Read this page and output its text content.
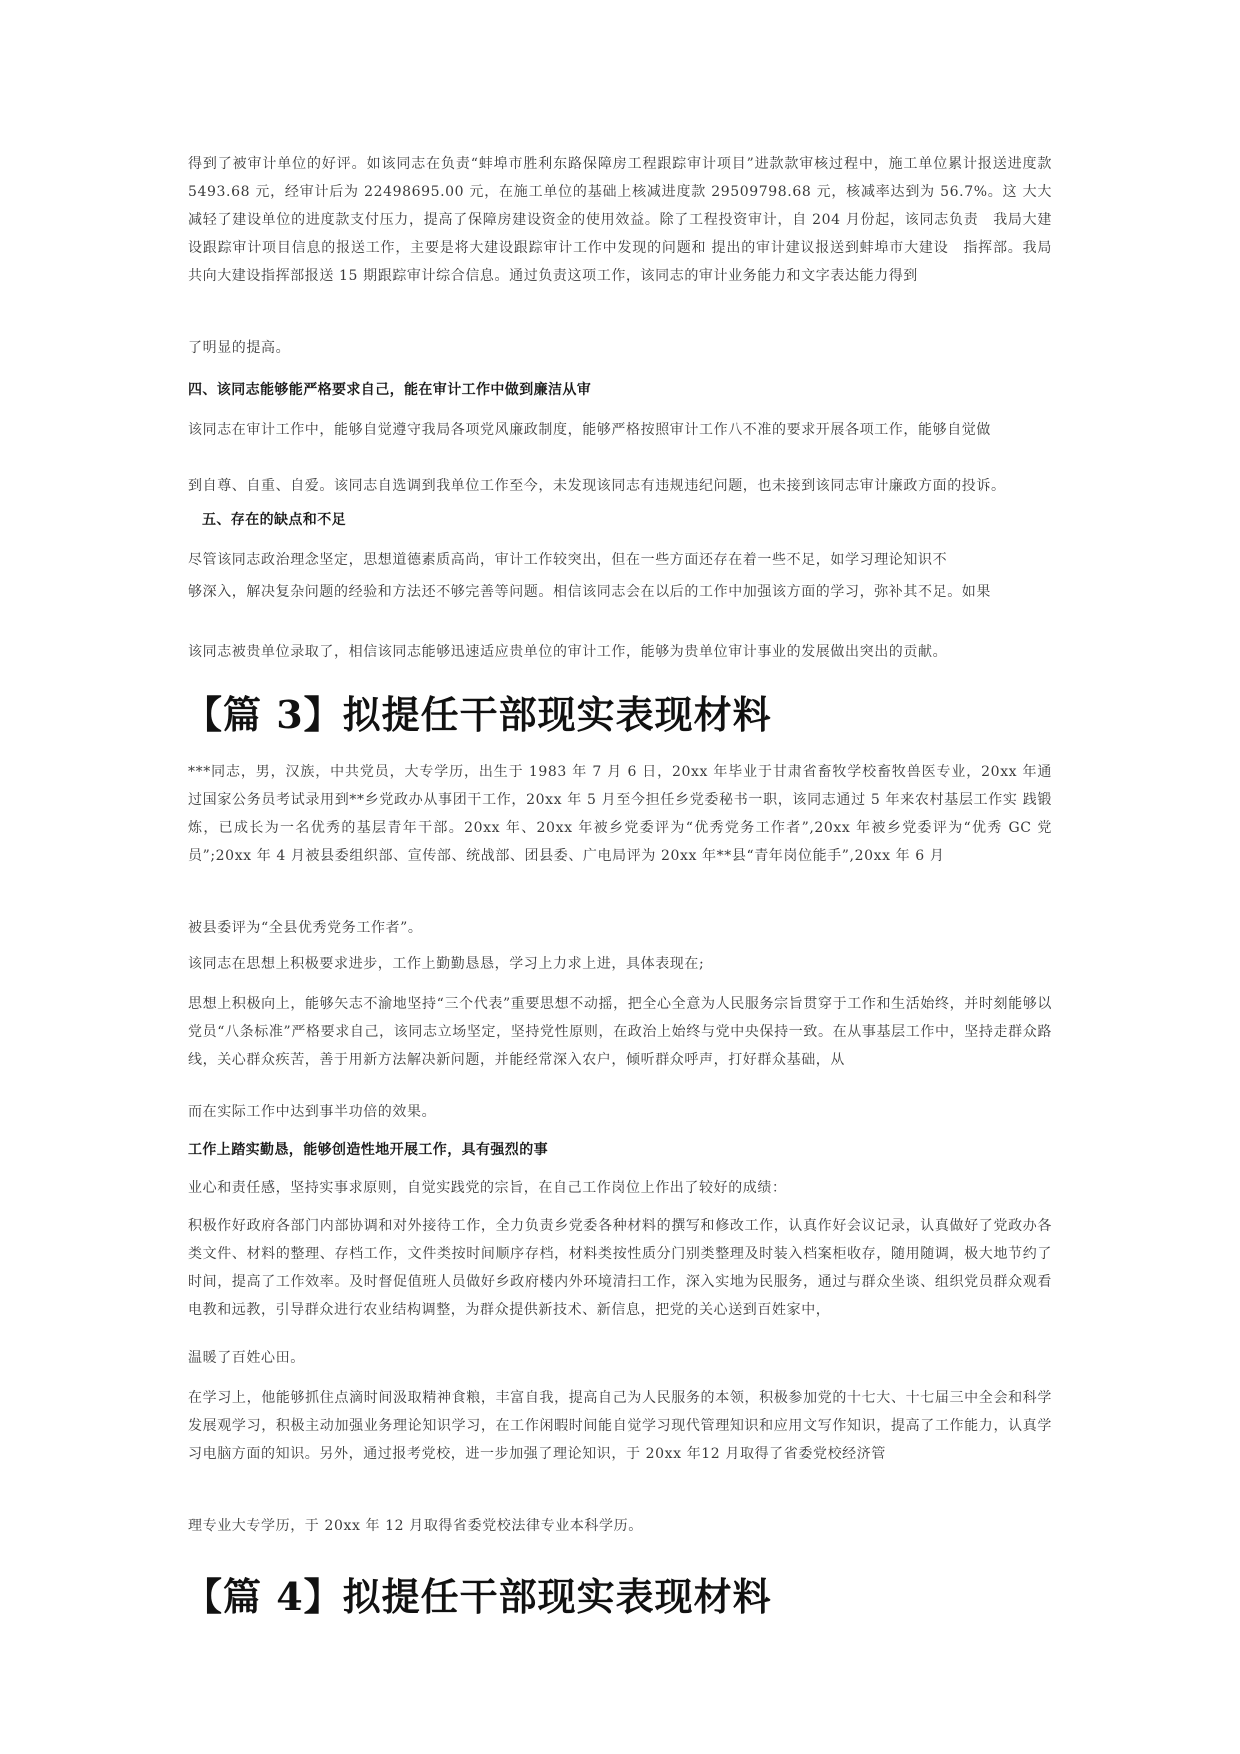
得到了被审计单位的好评。如该同志在负责“蚌埠市胜利东路保障房工程跟踪审计项目”进款款审核过程中，施工单位累计报送进度款 5493.68 元，经审计后为 22498695.00 元，在施工单位的基础上核减进度款 29509798.68 元，核减率达到为 56.7%。这 大大减轻了建设单位的进度款支付压力，提高了保障房建设资金的使用效益。除了工程投资审计，自 204 月份起，该同志负责　我局大建设跟踪审计项目信息的报送工作，主要是将大建设跟踪审计工作中发现的问题和 提出的审计建议报送到蚌埠市大建设　指挥部。我局共向大建设指挥部报送 15 期跟踪审计综合信息。通过负责这项工作，该同志的审计业务能力和文字表达能力得到

了明显的提高。

四、该同志能够能严格要求自己，能在审计工作中做到廉洁从审

该同志在审计工作中，能够自觉遵守我局各项党风廉政制度，能够严格按照审计工作八不准的要求开展各项工作，能够自觉做

到自尊、自重、自爱。该同志自选调到我单位工作至今，未发现该同志有违规违纪问题，也未接到该同志审计廉政方面的投诉。

五、存在的缺点和不足

尽管该同志政治理念坚定，思想道德素质高尚，审计工作较突出，但在一些方面还存在着一些不足，如学习理论知识不

够深入，解决复杂问题的经验和方法还不够完善等问题。相信该同志会在以后的工作中加强该方面的学习，弥补其不足。如果

该同志被贵单位录取了，相信该同志能够迅速适应贵单位的审计工作，能够为贵单位审计事业的发展做出突出的贡献。

【篇 3】拟提任干部现实表现材料

***同志，男，汉族，中共党员，大专学历，出生于 1983 年 7 月 6 日，20xx 年毕业于甘肃省畜牧学校畜牧兽医专业，20xx 年通 过国家公务员考试录用到**乡党政办从事团干工作，20xx 年 5 月至今担任乡党委秘书一职，该同志通过 5 年来农村基层工作实 践锻炼，已成长为一名优秀的基层青年干部。20xx 年、20xx 年被乡党委评为“优秀党务工作者”,20xx 年被乡党委评为“优秀 GC 党员”;20xx 年 4 月被县委组织部、宣传部、统战部、团县委、广电局评为 20xx 年**县“青年岗位能手”,20xx 年 6 月

被县委评为“全县优秀党务工作者”。

该同志在思想上积极要求进步，工作上勤勤恳恳，学习上力求上进，具体表现在;

思想上积极向上，能够矢志不渝地坚持“三个代表”重要思想不动摇，把全心全意为人民服务宗旨贯穿于工作和生活始终，并时刻能够以党员“八条标准”严格要求自己，该同志立场坚定，坚持党性原则，在政治上始终与党中央保持一致。在从事基层工作中，坚持走群众路线，关心群众疾苦，善于用新方法解决新问题，并能经常深入农户，倾听群众呼声，打好群众基础，从

而在实际工作中达到事半功倍的效果。

工作上踏实勤恳，能够创造性地开展工作，具有强烈的事

业心和责任感，坚持实事求原则，自觉实践党的宗旨，在自己工作岗位上作出了较好的成绩：

积极作好政府各部门内部协调和对外接待工作，全力负责乡党委各种材料的撰写和修改工作，认真作好会议记录，认真做好了党政办各类文件、材料的整理、存档工作，文件类按时间顺序存档，材料类按性质分门别类整理及时装入档案柜收存，随用随调，极大地节约了时间，提高了工作效率。及时督促值班人员做好乡政府楼内外环境清扫工作，深入实地为民服务，通过与群众坐谈、组织党员群众观看电教和远教，引导群众进行农业结构调整，为群众提供新技术、新信息，把党的关心送到百姓家中，

温暖了百姓心田。

在学习上，他能够抓住点滴时间汲取精神食粮，丰富自我，提高自己为人民服务的本领，积极参加党的十七大、十七届三中全会和科学发展观学习，积极主动加强业务理论知识学习，在工作闲暇时间能自觉学习现代管理知识和应用文写作知识，提高了工作能力，认真学习电脑方面的知识。另外，通过报考党校，进一步加强了理论知识，于 20xx 年12 月取得了省委党校经济管

理专业大专学历，于 20xx 年 12 月取得省委党校法律专业本科学历。

【篇 4】拟提任干部现实表现材料
